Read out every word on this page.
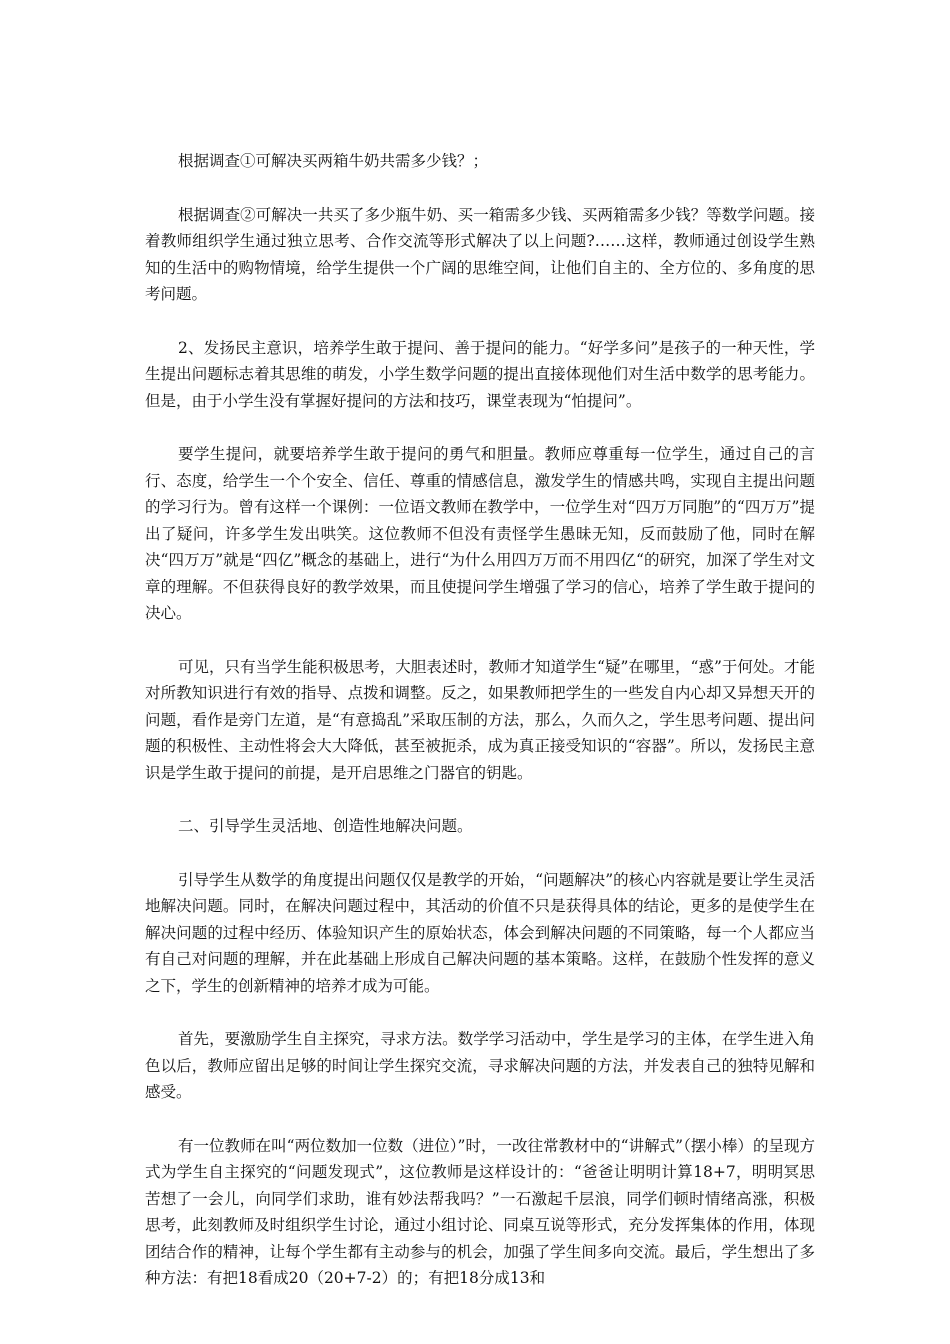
根据调查①可解决买两箱牛奶共需多少钱？；

根据调查②可解决一共买了多少瓶牛奶、买一箱需多少钱、买两箱需多少钱？等数学问题。接着教师组织学生通过独立思考、合作交流等形式解决了以上问题?……这样，教师通过创设学生熟知的生活中的购物情境，给学生提供一个广阔的思维空间，让他们自主的、全方位的、多角度的思考问题。

2、发扬民主意识，培养学生敢于提问、善于提问的能力。“好学多问”是孩子的一种天性，学生提出问题标志着其思维的萌发，小学生数学问题的提出直接体现他们对生活中数学的思考能力。但是，由于小学生没有掌握好提问的方法和技巧，课堂表现为“怕提问”。

要学生提问，就要培养学生敢于提问的勇气和胆量。教师应尊重每一位学生，通过自己的言行、态度，给学生一个个安全、信任、尊重的情感信息，激发学生的情感共鸣，实现自主提出问题的学习行为。曾有这样一个课例：一位语文教师在教学中，一位学生对“四万万同胞”的“四万万”提出了疑问，许多学生发出哄笑。这位教师不但没有责怪学生愚昧无知，反而鼓励了他，同时在解决“四万万”就是“四亿”概念的基础上，进行“为什么用四万万而不用四亿“的研究，加深了学生对文章的理解。不但获得良好的教学效果，而且使提问学生增强了学习的信心，培养了学生敢于提问的决心。

可见，只有当学生能积极思考，大胆表述时，教师才知道学生“疑”在哪里，“惑”于何处。才能对所教知识进行有效的指导、点拨和调整。反之，如果教师把学生的一些发自内心却又异想天开的问题，看作是旁门左道，是“有意捣乱”采取压制的方法，那么，久而久之，学生思考问题、提出问题的积极性、主动性将会大大降低，甚至被扼杀，成为真正接受知识的“容器”。所以，发扬民主意识是学生敢于提问的前提，是开启思维之门器官的钥匙。

二、引导学生灵活地、创造性地解决问题。

引导学生从数学的角度提出问题仅仅是教学的开始，“问题解决”的核心内容就是要让学生灵活地解决问题。同时，在解决问题过程中，其活动的价值不只是获得具体的结论，更多的是使学生在解决问题的过程中经历、体验知识产生的原始状态，体会到解决问题的不同策略，每一个人都应当有自己对问题的理解，并在此基础上形成自己解决问题的基本策略。这样，在鼓励个性发挥的意义之下，学生的创新精神的培养才成为可能。

首先，要激励学生自主探究，寻求方法。数学学习活动中，学生是学习的主体，在学生进入角色以后，教师应留出足够的时间让学生探究交流，寻求解决问题的方法，并发表自己的独特见解和感受。

有一位教师在叫“两位数加一位数（进位）”时，一改往常教材中的“讲解式”（摆小棒）的呈现方式为学生自主探究的“问题发现式”，这位教师是这样设计的：“爸爸让明明计算18+7，明明冥思苦想了一会儿，向同学们求助，谁有妙法帮我吗？”一石激起千层浪，同学们顿时情绪高涨，积极思考，此刻教师及时组织学生讨论，通过小组讨论、同桌互说等形式，充分发挥集体的作用，体现团结合作的精神，让每个学生都有主动参与的机会，加强了学生间多向交流。最后，学生想出了多种方法：有把18看成20（20+7-2）的；有把18分成13和
